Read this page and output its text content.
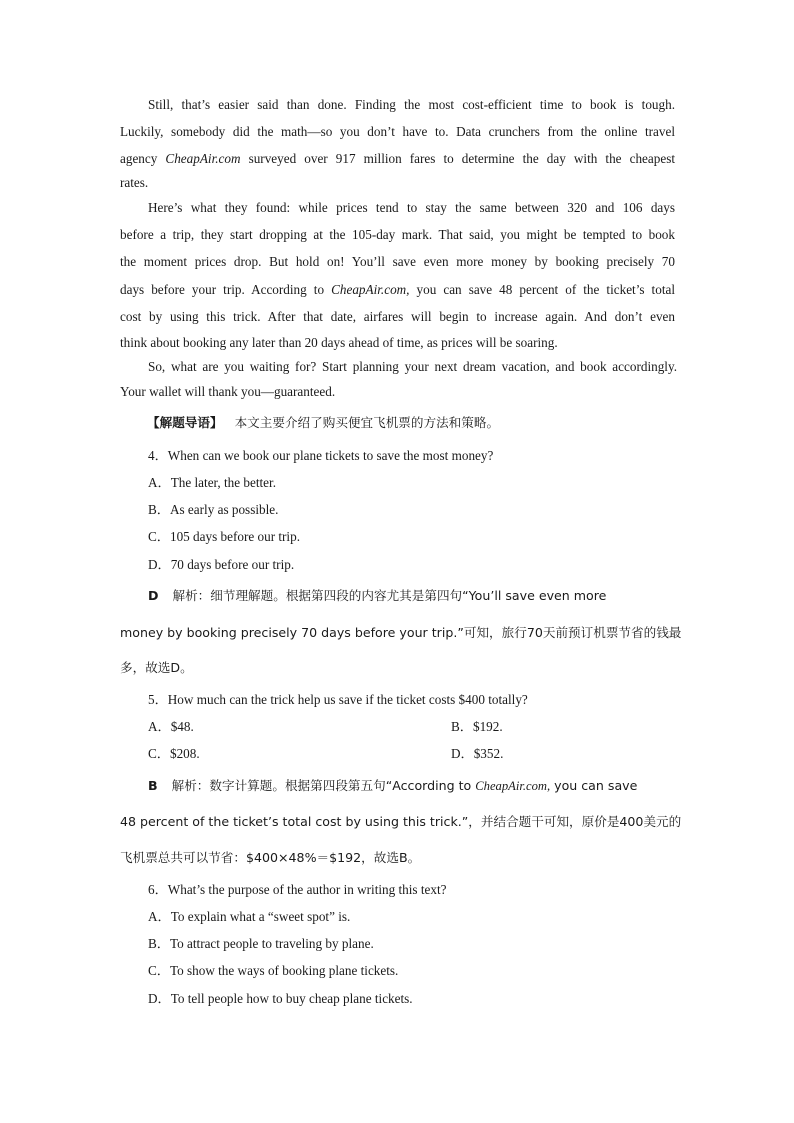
Still, that’s easier said than done. Finding the most cost-efficient time to book is tough.
Luckily, somebody did the math—so you don’t have to. Data crunchers from the online travel
agency CheapAir.com surveyed over 917 million fares to determine the day with the cheapest
rates.
Here’s what they found: while prices tend to stay the same between 320 and 106 days
before a trip, they start dropping at the 105-day mark. That said, you might be tempted to book
the moment prices drop. But hold on! You’ll save even more money by booking precisely 70
days before your trip. According to CheapAir.com, you can save 48 percent of the ticket’s total
cost by using this trick. After that date, airfares will begin to increase again. And don’t even
think about booking any later than 20 days ahead of time, as prices will be soaring.
So, what are you waiting for? Start planning your next dream vacation, and book accordingly.
Your wallet will thank you—guaranteed.
【解题导语】 本文主要介绍了购买便宜飞机票的方法和策略。
4．When can we book our plane tickets to save the most money?
A．The later, the better.
B．As early as possible.
C．105 days before our trip.
D．70 days before our trip.
D 解析：细节理解题。根据第四段的内容尤其是第四句“You’ll save even more
money by booking precisely 70 days before your trip.”可知，旅行70天前预订机票节省的钱最
多，故选D。
5．How much can the trick help us save if the ticket costs $400 totally?
A．$48.	B．$192.
C．$208.	D．$352.
B 解析：数字计算题。根据第四段第五句“According to CheapAir.com, you can save
48 percent of the ticket’s total cost by using this trick.”，并结合题干可知，原价是400美元的
飞机票总共可以节省：$400×48%＝$192，故选B。
6．What’s the purpose of the author in writing this text?
A．To explain what a “sweet spot” is.
B．To attract people to traveling by plane.
C．To show the ways of booking plane tickets.
D．To tell people how to buy cheap plane tickets.
